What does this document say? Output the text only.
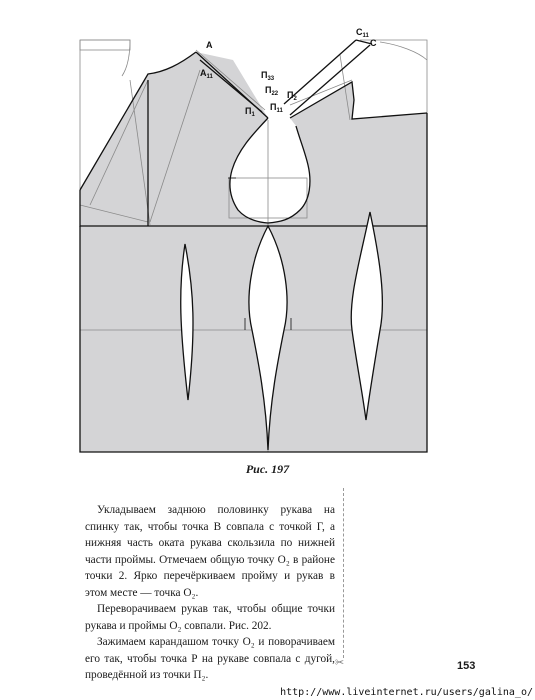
А
$А_{11}$
$С_{11}$
С
$П_{33}$
$П_{22}$ $П_2$
$П_1$
$П_{11}$
Рис. 197
✂

Укладываем заднюю половинку рукава на спинку так, чтобы точка В совпала с точкой Г, а нижняя часть оката рукава скользила по нижней части проймы. Отмечаем общую точку О₂ в районе точки 2. Ярко перечёркиваем пройму и рукав в этом месте — точка О₂.

Переворачиваем рукав так, чтобы общие точки рукава и проймы О₂ совпали. Рис. 202.

Зажимаем карандашом точку О₂ и поворачиваем его так, чтобы точка Р на рукаве совпала с дугой, проведённой из точки П₂.

153
http://www.liveinternet.ru/users/galina_o/
